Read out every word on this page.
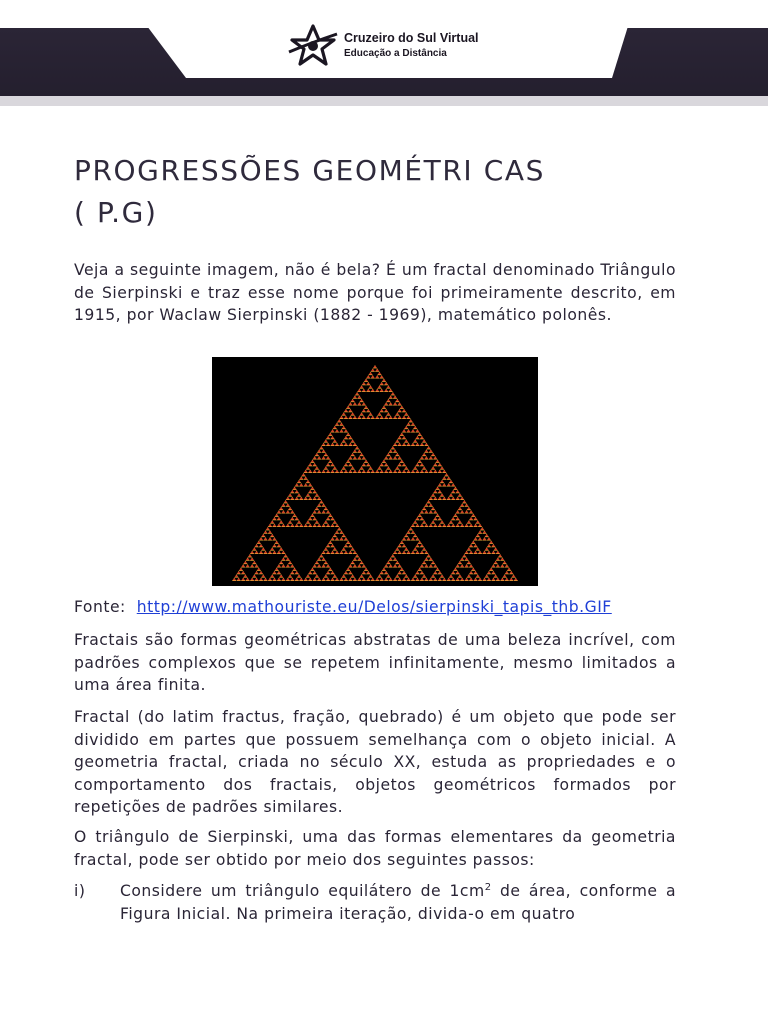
Cruzeiro do Sul Virtual
Educação a Distância
PROGRESSÕES GEOMÉTRI CAS
( P.G)

Veja a seguinte imagem, não é bela? É um fractal denominado Triângulo de Sierpinski e traz esse nome porque foi primeiramente descrito, em 1915, por Waclaw Sierpinski (1882 - 1969), matemático polonês.

Fonte: http://www.mathouriste.eu/Delos/sierpinski_tapis_thb.GIF

Fractais são formas geométricas abstratas de uma beleza incrível, com padrões complexos que se repetem infinitamente, mesmo limitados a uma área finita.

Fractal (do latim fractus, fração, quebrado) é um objeto que pode ser dividido em partes que possuem semelhança com o objeto inicial. A geometria fractal, criada no século XX, estuda as propriedades e o comportamento dos fractais, objetos geométricos formados por repetições de padrões similares.

O triângulo de Sierpinski, uma das formas elementares da geometria fractal, pode ser obtido por meio dos seguintes passos:

i) Considere um triângulo equilátero de $1cm^2$ de área, conforme a Figura Inicial. Na primeira iteração, divida-o em quatro
